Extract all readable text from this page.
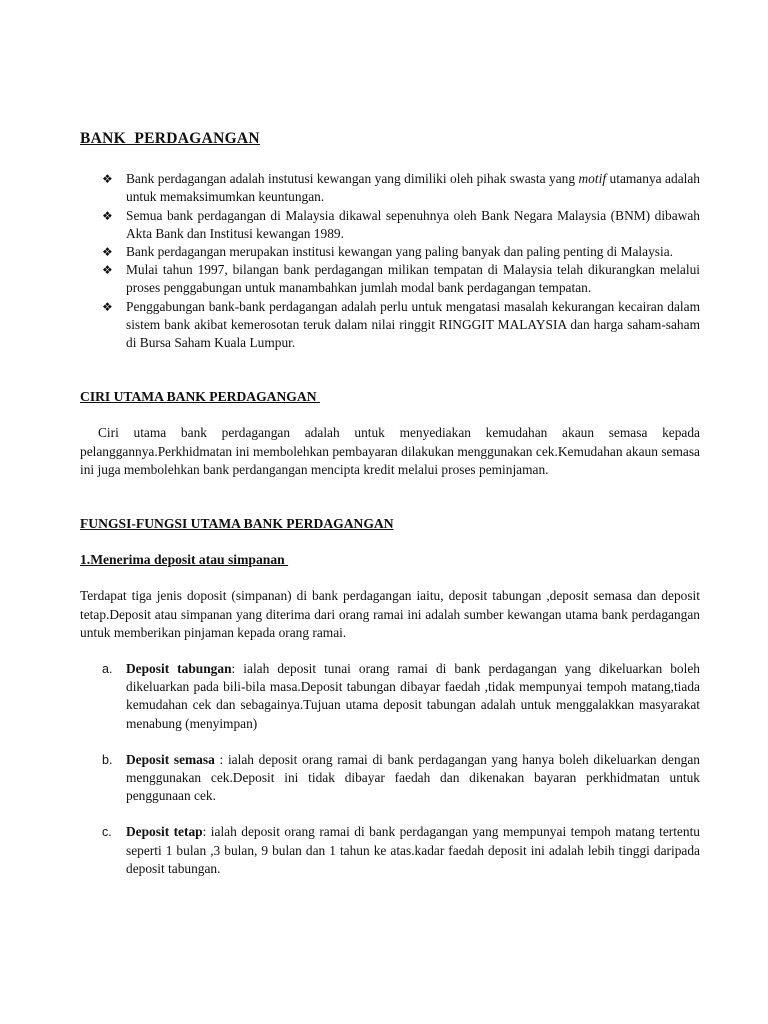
BANK  PERDAGANGAN
❖ Bank perdagangan adalah instutusi kewangan yang dimiliki oleh pihak swasta yang motif utamanya adalah untuk memaksimumkan keuntungan.
❖ Semua bank perdagangan di Malaysia dikawal sepenuhnya oleh Bank Negara Malaysia (BNM) dibawah Akta Bank dan Institusi kewangan 1989.
❖ Bank perdagangan merupakan institusi kewangan yang paling banyak dan paling penting di Malaysia.
❖ Mulai tahun 1997, bilangan bank perdagangan milikan tempatan di Malaysia telah dikurangkan melalui proses penggabungan untuk manambahkan jumlah modal bank perdagangan tempatan.
❖ Penggabungan bank-bank perdagangan adalah perlu untuk mengatasi masalah kekurangan kecairan dalam sistem bank akibat kemerosotan teruk dalam nilai ringgit RINGGIT MALAYSIA dan harga saham-saham di Bursa Saham Kuala Lumpur.
CIRI UTAMA BANK PERDAGANGAN

Ciri utama bank perdagangan adalah untuk menyediakan kemudahan akaun semasa kepada pelanggannya.Perkhidmatan ini membolehkan pembayaran dilakukan menggunakan cek.Kemudahan akaun semasa ini juga membolehkan bank perdangangan mencipta kredit melalui proses peminjaman.

FUNGSI-FUNGSI UTAMA BANK PERDAGANGAN
1.Menerima deposit atau simpanan

Terdapat tiga jenis doposit (simpanan) di bank perdagangan iaitu, deposit tabungan ,deposit semasa dan deposit tetap.Deposit atau simpanan yang diterima dari orang ramai ini adalah sumber kewangan utama bank perdagangan untuk memberikan pinjaman kepada orang ramai.

a. Deposit tabungan: ialah deposit tunai orang ramai di bank perdagangan yang dikeluarkan boleh dikeluarkan pada bili-bila masa.Deposit tabungan dibayar faedah ,tidak mempunyai tempoh matang,tiada kemudahan cek dan sebagainya.Tujuan utama deposit tabungan adalah untuk menggalakkan masyarakat menabung (menyimpan)
b. Deposit semasa : ialah deposit orang ramai di bank perdagangan yang hanya boleh dikeluarkan dengan menggunakan cek.Deposit ini tidak dibayar faedah dan dikenakan bayaran perkhidmatan untuk penggunaan cek.
c. Deposit tetap: ialah deposit orang ramai di bank perdagangan yang mempunyai tempoh matang tertentu seperti 1 bulan ,3 bulan, 9 bulan dan 1 tahun ke atas.kadar faedah deposit ini adalah lebih tinggi daripada deposit tabungan.
